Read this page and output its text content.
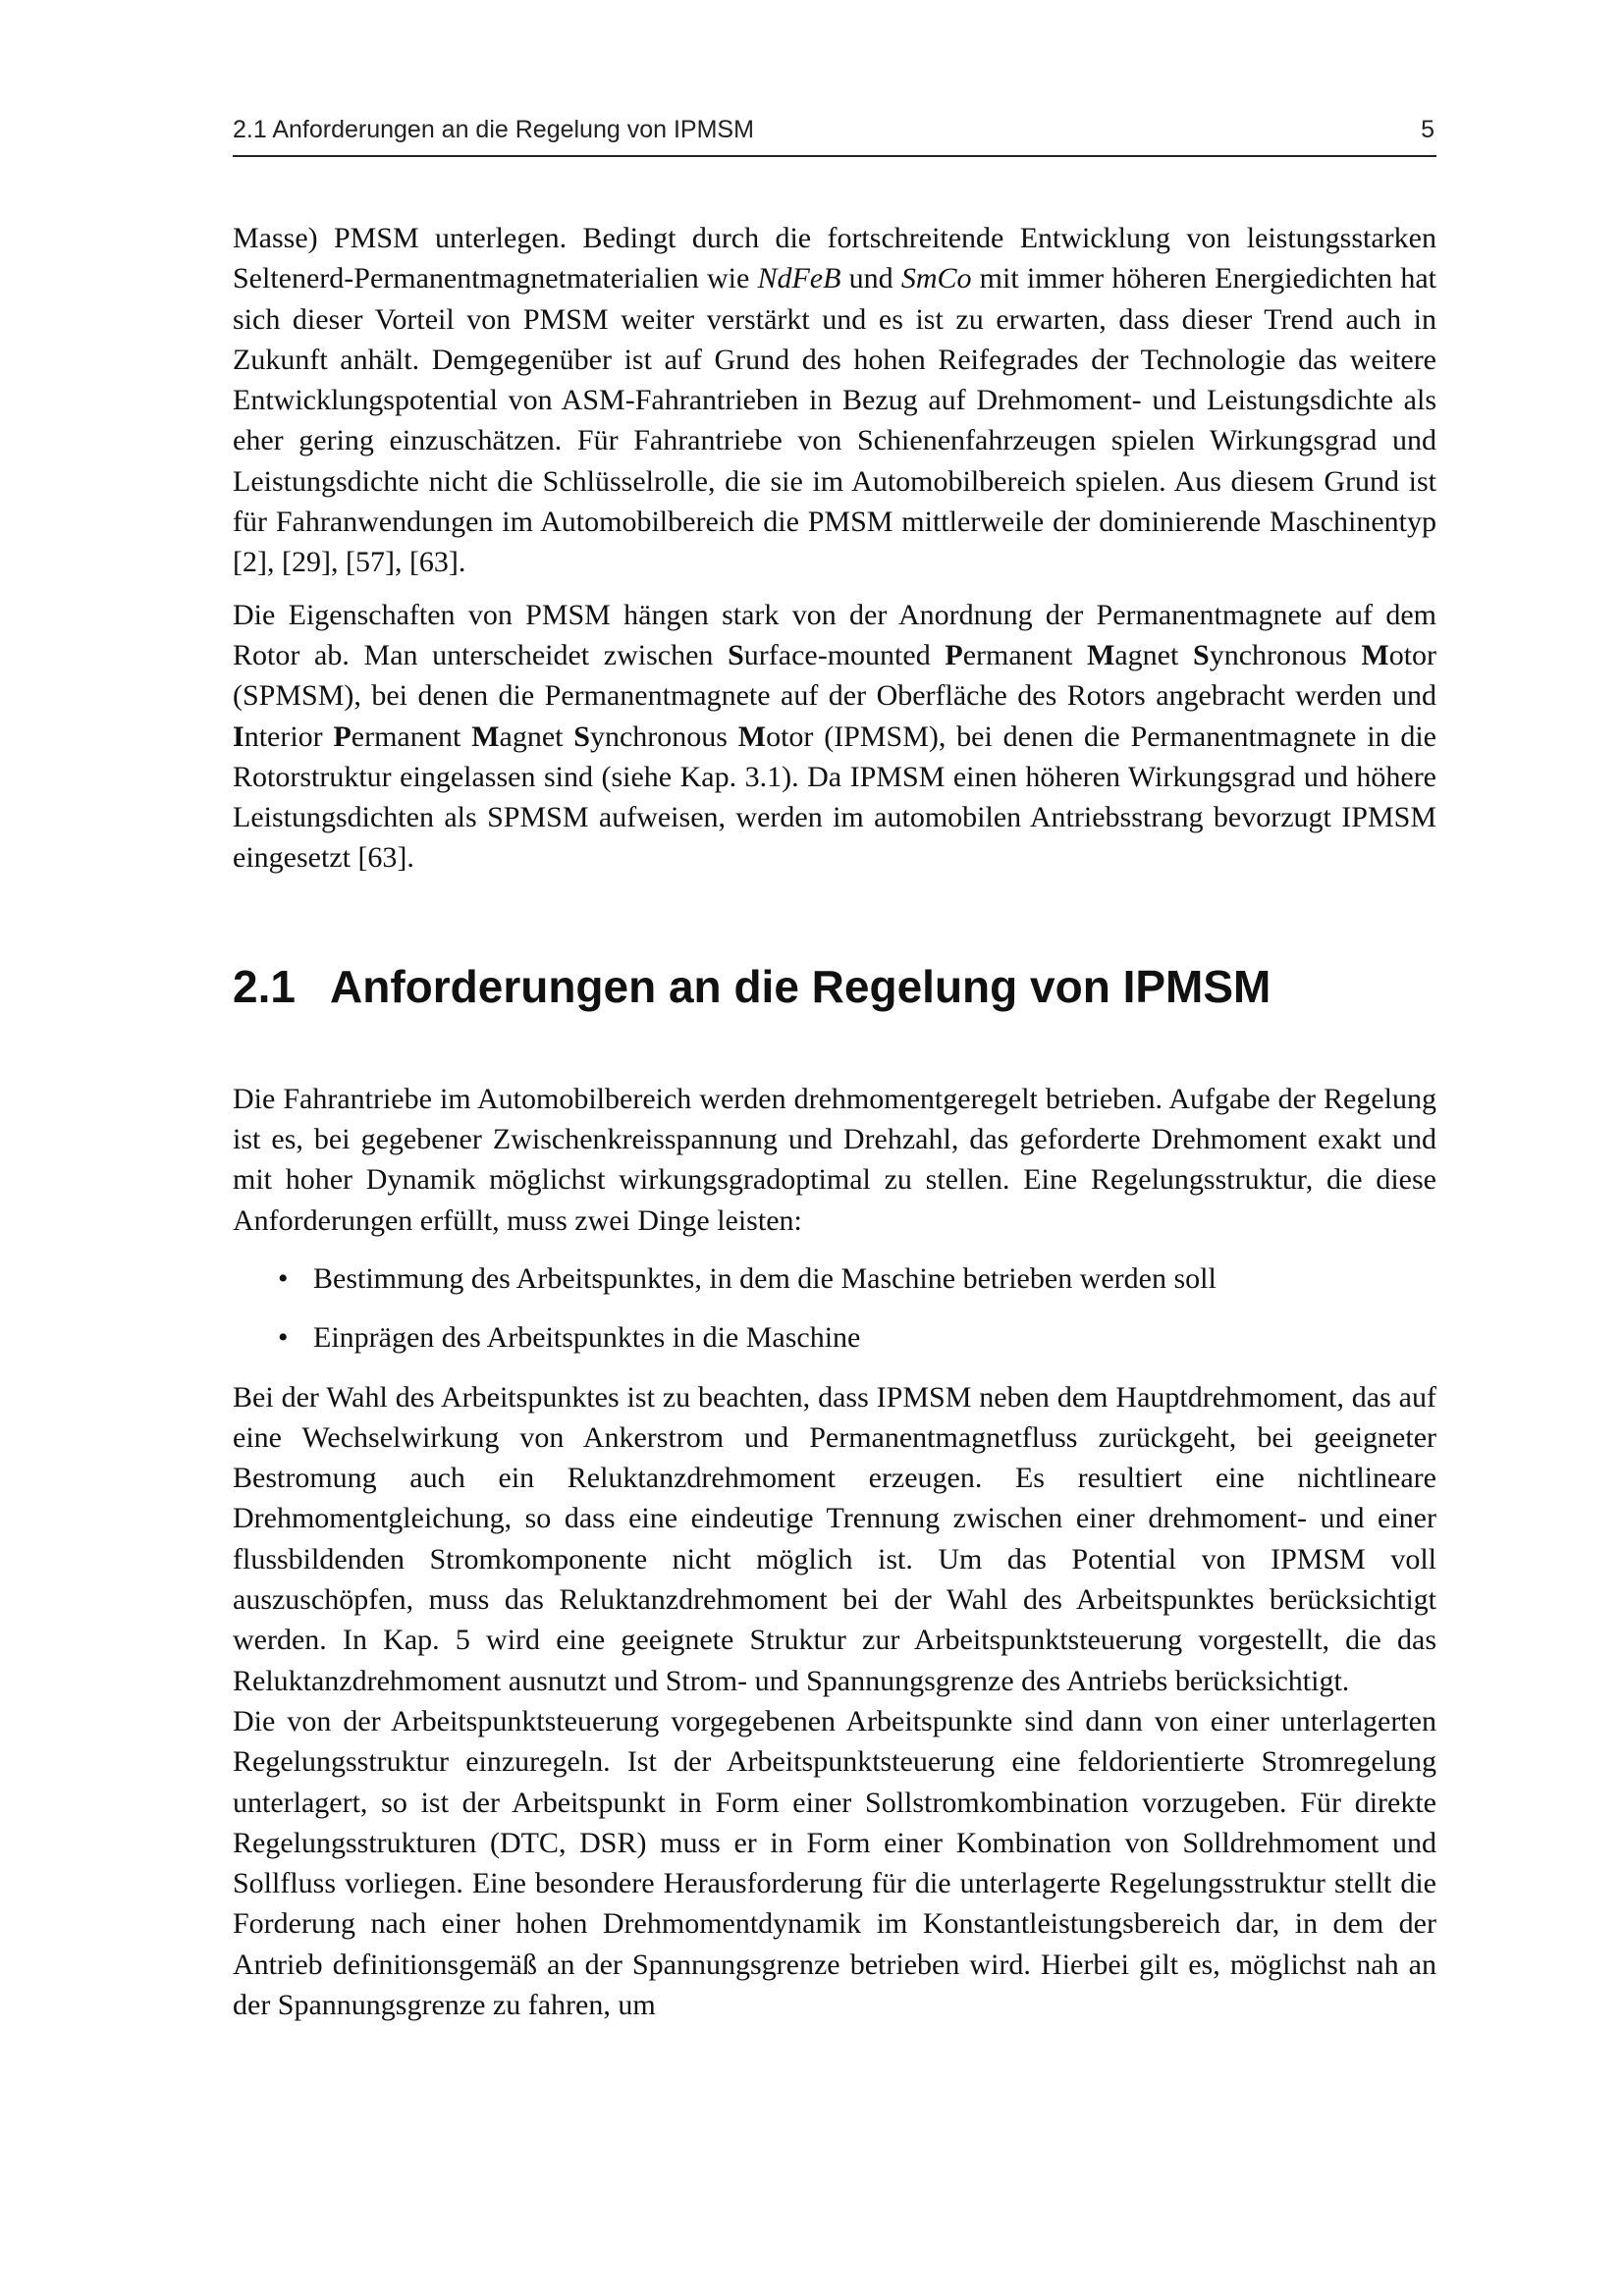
2.1 Anforderungen an die Regelung von IPMSM	5

Masse) PMSM unterlegen. Bedingt durch die fortschreitende Entwicklung von leistungsstarken Seltenerd-Permanentmagnetmaterialien wie NdFeB und SmCo mit immer höheren Energiedichten hat sich dieser Vorteil von PMSM weiter verstärkt und es ist zu erwarten, dass dieser Trend auch in Zukunft anhält. Demgegenüber ist auf Grund des hohen Reifegrades der Technologie das weitere Entwicklungspotential von ASM-Fahrantrieben in Bezug auf Drehmoment- und Leistungsdichte als eher gering einzuschätzen. Für Fahrantriebe von Schienenfahrzeugen spielen Wirkungsgrad und Leistungsdichte nicht die Schlüsselrolle, die sie im Automobilbereich spielen. Aus diesem Grund ist für Fahranwendungen im Automobilbereich die PMSM mittlerweile der dominierende Maschinentyp [2], [29], [57], [63].

Die Eigenschaften von PMSM hängen stark von der Anordnung der Permanentmagnete auf dem Rotor ab. Man unterscheidet zwischen Surface-mounted Permanent Magnet Synchronous Motor (SPMSM), bei denen die Permanentmagnete auf der Oberfläche des Rotors angebracht werden und Interior Permanent Magnet Synchronous Motor (IPMSM), bei denen die Permanentmagnete in die Rotorstruktur eingelassen sind (siehe Kap. 3.1). Da IPMSM einen höheren Wirkungsgrad und höhere Leistungsdichten als SPMSM aufweisen, werden im automobilen Antriebsstrang bevorzugt IPMSM eingesetzt [63].

2.1 Anforderungen an die Regelung von IPMSM

Die Fahrantriebe im Automobilbereich werden drehmomentgeregelt betrieben. Aufgabe der Regelung ist es, bei gegebener Zwischenkreisspannung und Drehzahl, das geforderte Drehmoment exakt und mit hoher Dynamik möglichst wirkungsgradoptimal zu stellen. Eine Regelungsstruktur, die diese Anforderungen erfüllt, muss zwei Dinge leisten:

• Bestimmung des Arbeitspunktes, in dem die Maschine betrieben werden soll
• Einprägen des Arbeitspunktes in die Maschine

Bei der Wahl des Arbeitspunktes ist zu beachten, dass IPMSM neben dem Hauptdrehmoment, das auf eine Wechselwirkung von Ankerstrom und Permanentmagnetfluss zurückgeht, bei geeigneter Bestromung auch ein Reluktanzdrehmoment erzeugen. Es resultiert eine nichtlineare Drehmomentgleichung, so dass eine eindeutige Trennung zwischen einer drehmoment- und einer flussbildenden Stromkomponente nicht möglich ist. Um das Potential von IPMSM voll auszuschöpfen, muss das Reluktanzdrehmoment bei der Wahl des Arbeitspunktes berücksichtigt werden. In Kap. 5 wird eine geeignete Struktur zur Arbeitspunktsteuerung vorgestellt, die das Reluktanzdrehmoment ausnutzt und Strom- und Spannungsgrenze des Antriebs berücksichtigt.

Die von der Arbeitspunktsteuerung vorgegebenen Arbeitspunkte sind dann von einer unterlagerten Regelungsstruktur einzuregeln. Ist der Arbeitspunktsteuerung eine feldorientierte Stromregelung unterlagert, so ist der Arbeitspunkt in Form einer Sollstromkombination vorzugeben. Für direkte Regelungsstrukturen (DTC, DSR) muss er in Form einer Kombination von Solldrehmoment und Sollfluss vorliegen. Eine besondere Herausforderung für die unterlagerte Regelungsstruktur stellt die Forderung nach einer hohen Drehmomentdynamik im Konstantleistungsbereich dar, in dem der Antrieb definitionsgemäß an der Spannungsgrenze betrieben wird. Hierbei gilt es, möglichst nah an der Spannungsgrenze zu fahren, um
